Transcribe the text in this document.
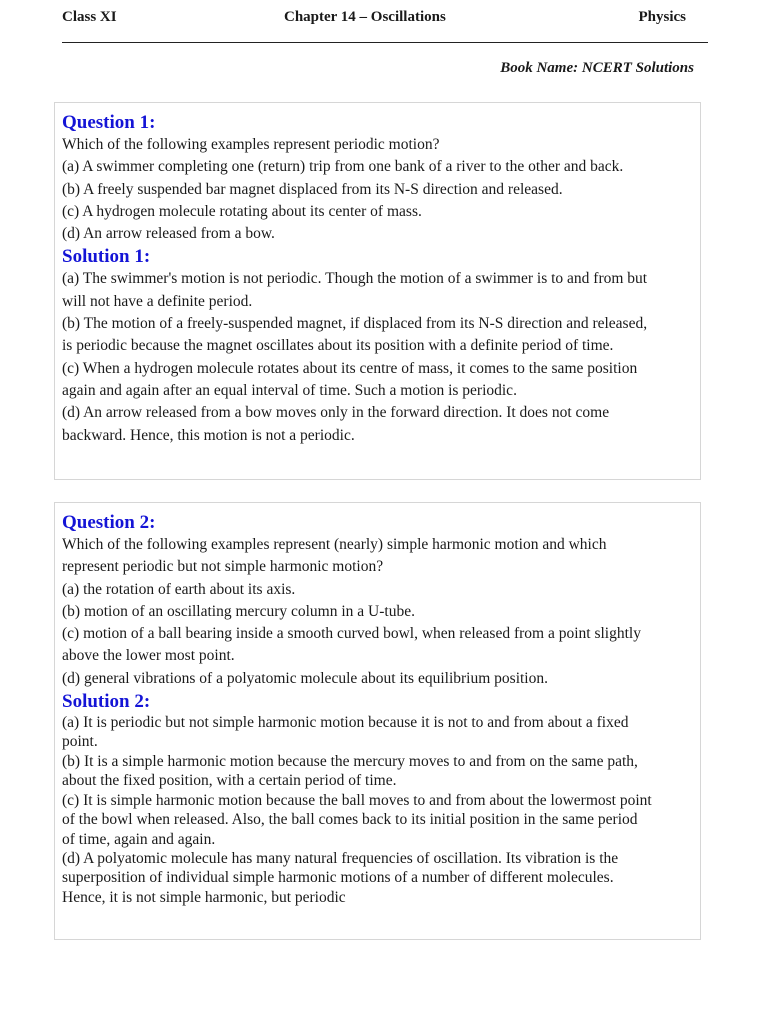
Class XI	Chapter 14 – Oscillations	Physics
Book Name: NCERT Solutions
Question 1:
Which of the following examples represent periodic motion?
(a) A swimmer completing one (return) trip from one bank of a river to the other and back.
(b) A freely suspended bar magnet displaced from its N-S direction and released.
(c) A hydrogen molecule rotating about its center of mass.
(d) An arrow released from a bow.
Solution 1:
(a) The swimmer's motion is not periodic. Though the motion of a swimmer is to and from but
will not have a definite period.
(b) The motion of a freely-suspended magnet, if displaced from its N-S direction and released,
is periodic because the magnet oscillates about its position with a definite period of time.
(c) When a hydrogen molecule rotates about its centre of mass, it comes to the same position
again and again after an equal interval of time. Such a motion is periodic.
(d) An arrow released from a bow moves only in the forward direction. It does not come
backward. Hence, this motion is not a periodic.
Question 2:
Which of the following examples represent (nearly) simple harmonic motion and which
represent periodic but not simple harmonic motion?
(a) the rotation of earth about its axis.
(b) motion of an oscillating mercury column in a U-tube.
(c) motion of a ball bearing inside a smooth curved bowl, when released from a point slightly
above the lower most point.
(d) general vibrations of a polyatomic molecule about its equilibrium position.
Solution 2:
(a) It is periodic but not simple harmonic motion because it is not to and from about a fixed
point.
(b) It is a simple harmonic motion because the mercury moves to and from on the same path,
about the fixed position, with a certain period of time.
(c) It is simple harmonic motion because the ball moves to and from about the lowermost point
of the bowl when released. Also, the ball comes back to its initial position in the same period
of time, again and again.
(d) A polyatomic molecule has many natural frequencies of oscillation. Its vibration is the
superposition of individual simple harmonic motions of a number of different molecules.
Hence, it is not simple harmonic, but periodic
